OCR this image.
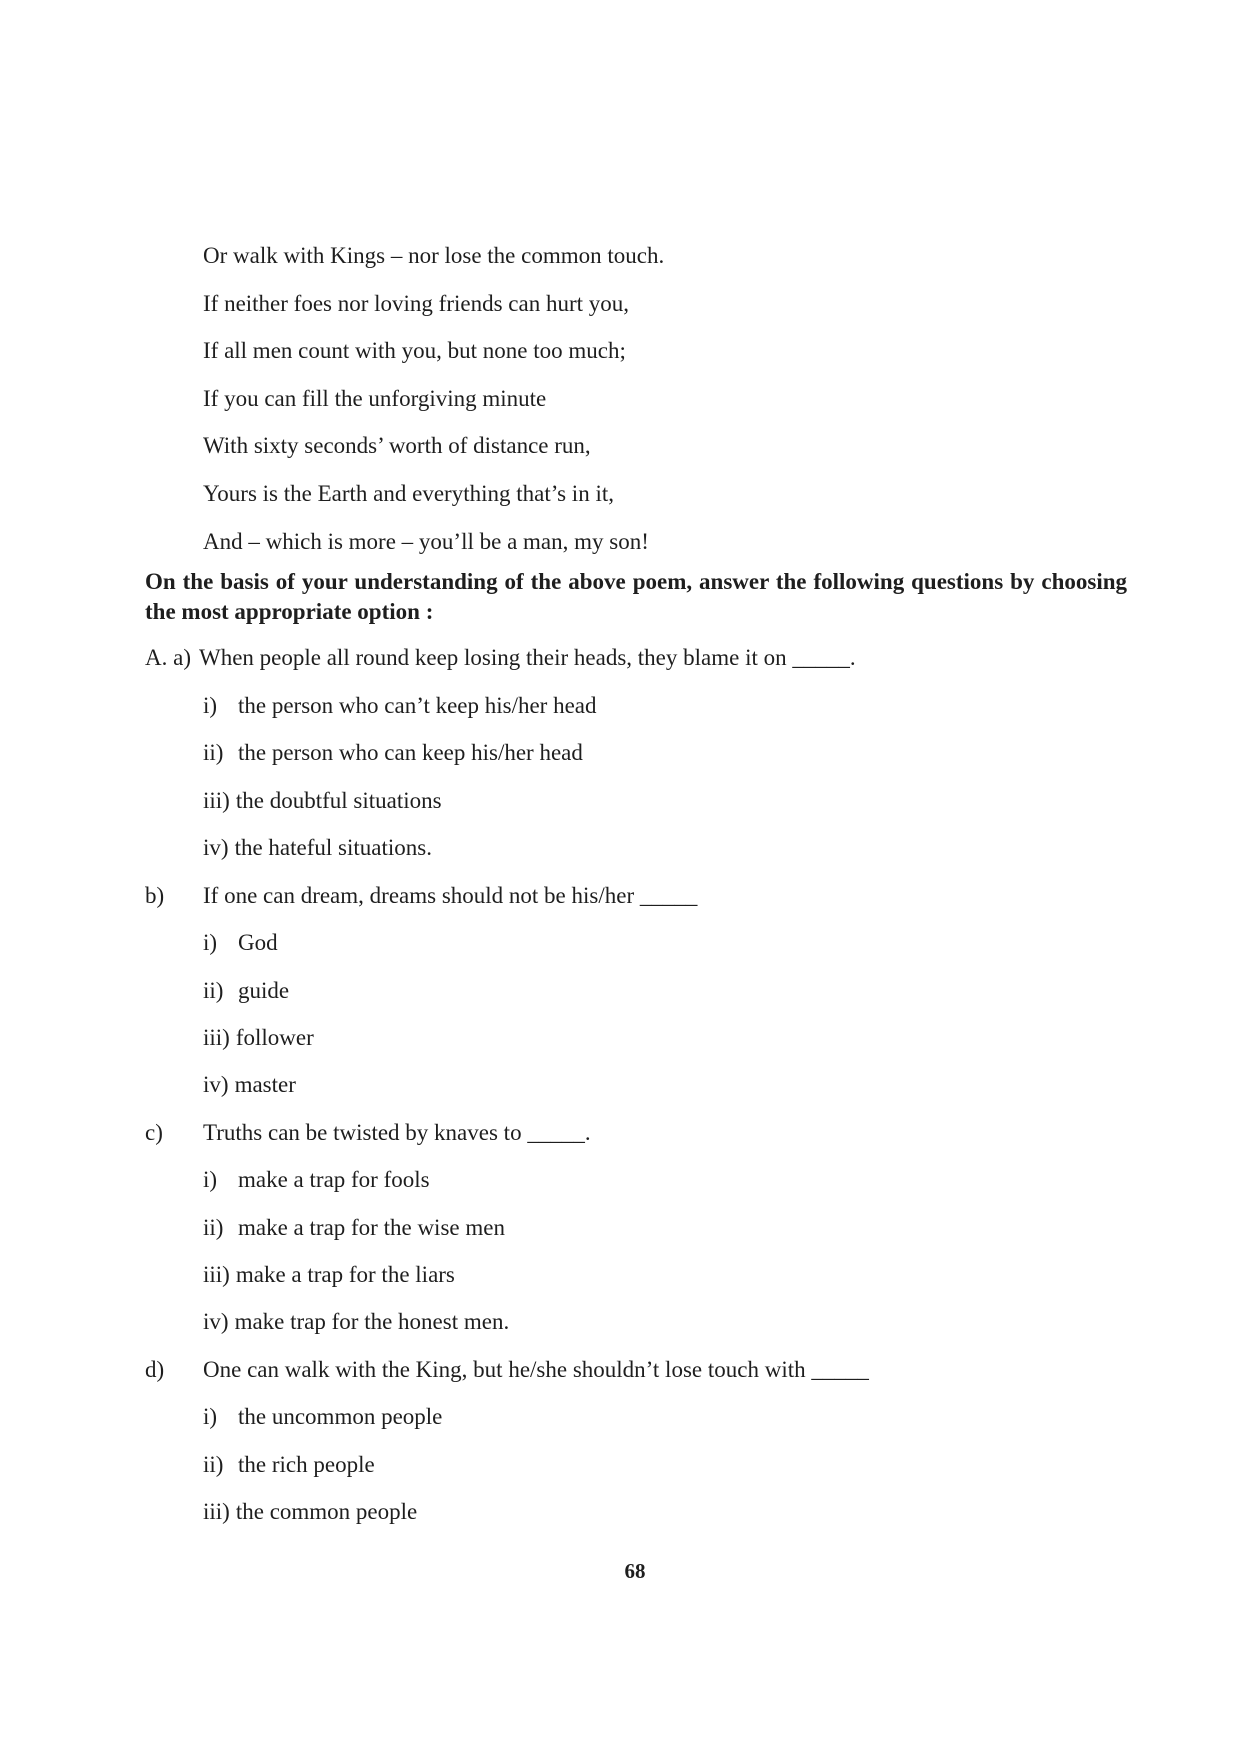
Or walk with Kings – nor lose the common touch.
If neither foes nor loving friends can hurt you,
If all men count with you, but none too much;
If you can fill the unforgiving minute
With sixty seconds’ worth of distance run,
Yours is the Earth and everything that’s in it,
And – which is more – you’ll be a man, my son!
On the basis of your understanding of the above poem, answer the following questions by choosing the most appropriate option :
A. a) When people all round keep losing their heads, they blame it on _____.
i) the person who can’t keep his/her head
ii) the person who can keep his/her head
iii) the doubtful situations
iv) the hateful situations.
b) If one can dream, dreams should not be his/her _____
i) God
ii) guide
iii) follower
iv) master
c) Truths can be twisted by knaves to _____.
i) make a trap for fools
ii) make a trap for the wise men
iii) make a trap for the liars
iv) make trap for the honest men.
d) One can walk with the King, but he/she shouldn’t lose touch with _____
i) the uncommon people
ii) the rich people
iii) the common people
68
